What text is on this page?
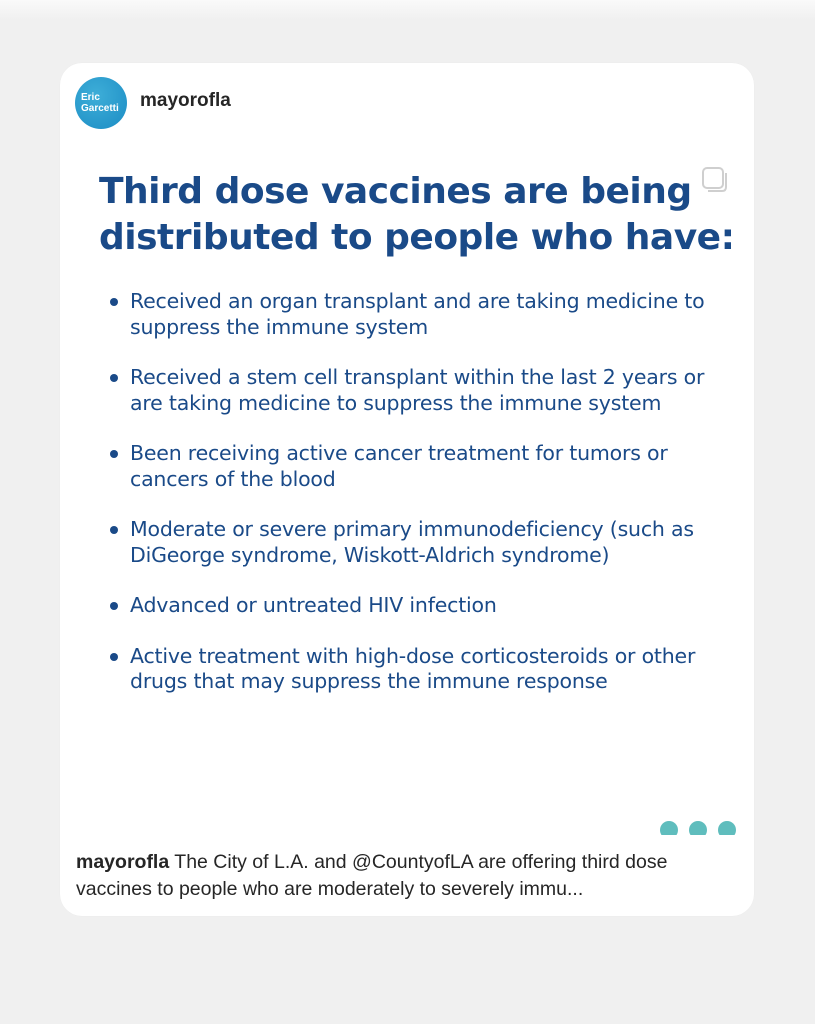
Eric
Garcetti	mayorofla
Third dose vaccines are being distributed to people who have:
Received an organ transplant and are taking medicine to suppress the immune system
Received a stem cell transplant within the last 2 years or are taking medicine to suppress the immune system
Been receiving active cancer treatment for tumors or cancers of the blood
Moderate or severe primary immunodeficiency (such as DiGeorge syndrome, Wiskott-Aldrich syndrome)
Advanced or untreated HIV infection
Active treatment with high-dose corticosteroids or other drugs that may suppress the immune response
mayorofla The City of L.A. and @CountyofLA are offering third dose vaccines to people who are moderately to severely immu...
